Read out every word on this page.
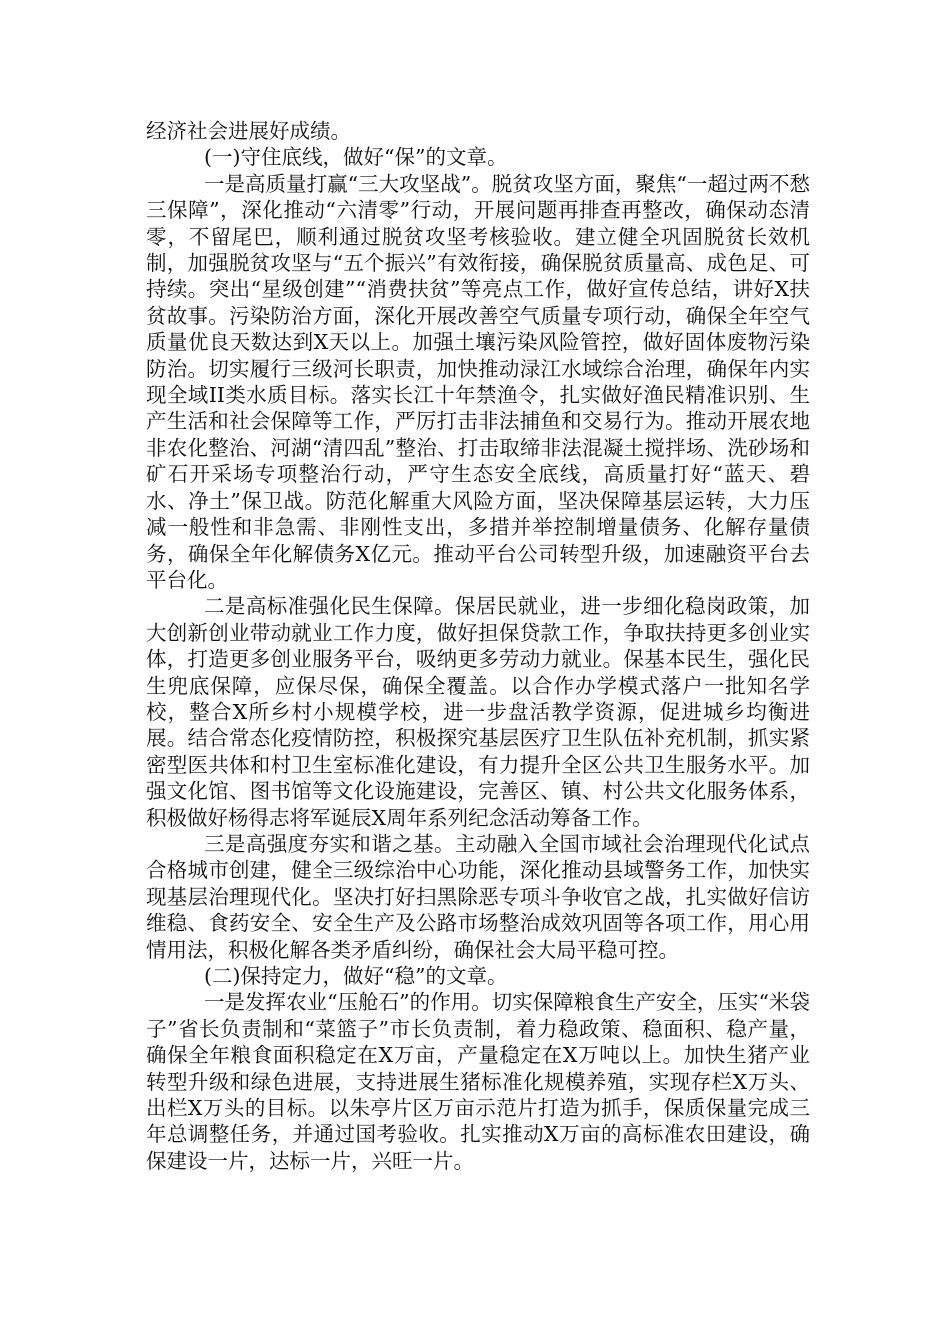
经济社会进展好成绩。

(一)守住底线，做好“保”的文章。

一是高质量打赢“三大攻坚战”。脱贫攻坚方面，聚焦“一超过两不愁三保障”，深化推动“六清零”行动，开展问题再排查再整改，确保动态清零，不留尾巴，顺利通过脱贫攻坚考核验收。建立健全巩固脱贫长效机制，加强脱贫攻坚与“五个振兴”有效衔接，确保脱贫质量高、成色足、可持续。突出“星级创建”“消费扶贫”等亮点工作，做好宣传总结，讲好X扶贫故事。污染防治方面，深化开展改善空气质量专项行动，确保全年空气质量优良天数达到X天以上。加强土壤污染风险管控，做好固体废物污染防治。切实履行三级河长职责，加快推动渌江水域综合治理，确保年内实现全域II类水质目标。落实长江十年禁渔令，扎实做好渔民精准识别、生产生活和社会保障等工作，严厉打击非法捕鱼和交易行为。推动开展农地非农化整治、河湖“清四乱”整治、打击取缔非法混凝土搅拌场、洗砂场和矿石开采场专项整治行动，严守生态安全底线，高质量打好“蓝天、碧水、净土”保卫战。防范化解重大风险方面，坚决保障基层运转，大力压减一般性和非急需、非刚性支出，多措并举控制增量债务、化解存量债务，确保全年化解债务X亿元。推动平台公司转型升级，加速融资平台去平台化。

二是高标准强化民生保障。保居民就业，进一步细化稳岗政策，加大创新创业带动就业工作力度，做好担保贷款工作，争取扶持更多创业实体，打造更多创业服务平台，吸纳更多劳动力就业。保基本民生，强化民生兜底保障，应保尽保，确保全覆盖。以合作办学模式落户一批知名学校，整合X所乡村小规模学校，进一步盘活教学资源，促进城乡均衡进展。结合常态化疫情防控，积极探究基层医疗卫生队伍补充机制，抓实紧密型医共体和村卫生室标准化建设，有力提升全区公共卫生服务水平。加强文化馆、图书馆等文化设施建设，完善区、镇、村公共文化服务体系，积极做好杨得志将军诞辰X周年系列纪念活动筹备工作。

三是高强度夯实和谐之基。主动融入全国市域社会治理现代化试点合格城市创建，健全三级综治中心功能，深化推动县域警务工作，加快实现基层治理现代化。坚决打好扫黑除恶专项斗争收官之战，扎实做好信访维稳、食药安全、安全生产及公路市场整治成效巩固等各项工作，用心用情用法，积极化解各类矛盾纠纷，确保社会大局平稳可控。

(二)保持定力，做好“稳”的文章。

一是发挥农业“压舱石”的作用。切实保障粮食生产安全，压实“米袋子”省长负责制和“菜篮子”市长负责制，着力稳政策、稳面积、稳产量，确保全年粮食面积稳定在X万亩，产量稳定在X万吨以上。加快生猪产业转型升级和绿色进展，支持进展生猪标准化规模养殖，实现存栏X万头、出栏X万头的目标。以朱亭片区万亩示范片打造为抓手，保质保量完成三年总调整任务，并通过国考验收。扎实推动X万亩的高标准农田建设，确保建设一片，达标一片，兴旺一片。
